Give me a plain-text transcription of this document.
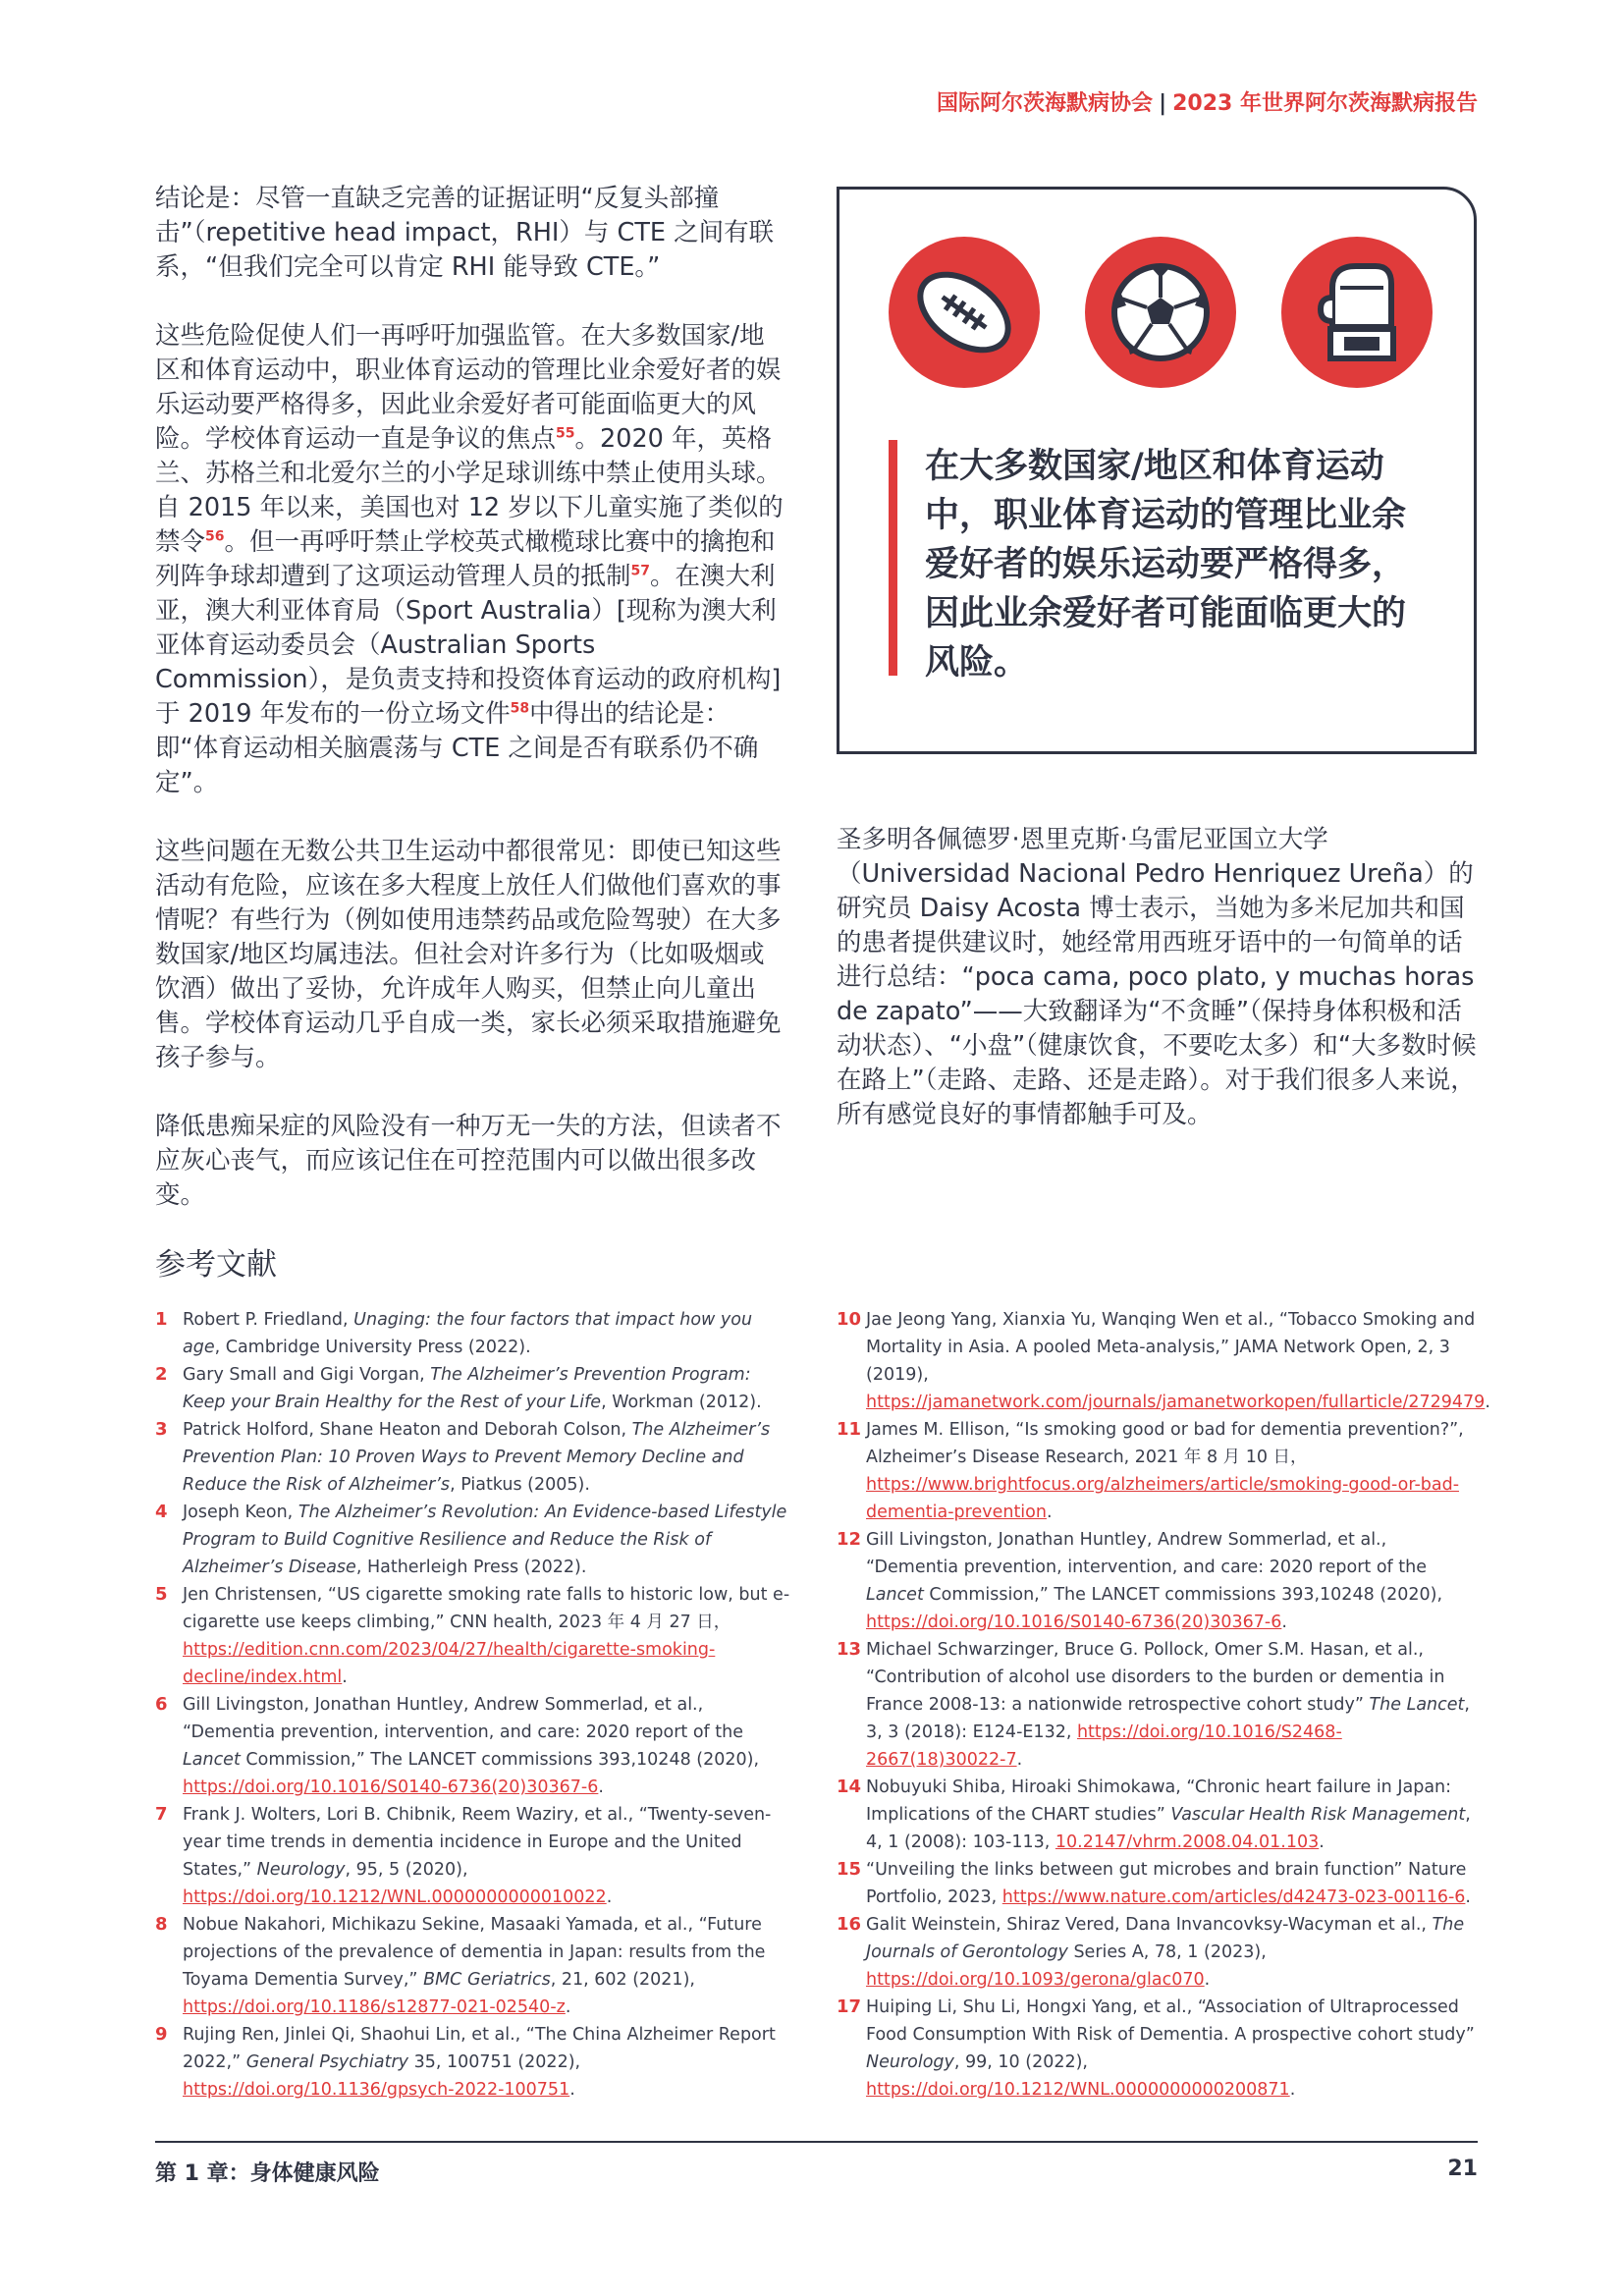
国际阿尔茨海默病协会 | 2023 年世界阿尔茨海默病报告

结论是：尽管一直缺乏完善的证据证明“反复头部撞击”（repetitive head impact，RHI）与 CTE 之间有联系，“但我们完全可以肯定 RHI 能导致 CTE。”

这些危险促使人们一再呼吁加强监管。在大多数国家/地区和体育运动中，职业体育运动的管理比业余爱好者的娱乐运动要严格得多，因此业余爱好者可能面临更大的风险。学校体育运动一直是争议的焦点$^{55}$。2020 年，英格兰、苏格兰和北爱尔兰的小学足球训练中禁止使用头球。自 2015 年以来，美国也对 12 岁以下儿童实施了类似的禁令$^{56}$。但一再呼吁禁止学校英式橄榄球比赛中的擒抱和列阵争球却遭到了这项运动管理人员的抵制$^{57}$。在澳大利亚，澳大利亚体育局（Sport Australia）[现称为澳大利亚体育运动委员会（Australian Sports Commission），是负责支持和投资体育运动的政府机构]于 2019 年发布的一份立场文件$^{58}$中得出的结论是：即“体育运动相关脑震荡与 CTE 之间是否有联系仍不确定”。

这些问题在无数公共卫生运动中都很常见：即使已知这些活动有危险，应该在多大程度上放任人们做他们喜欢的事情呢？有些行为（例如使用违禁药品或危险驾驶）在大多数国家/地区均属违法。但社会对许多行为（比如吸烟或饮酒）做出了妥协，允许成年人购买，但禁止向儿童出售。学校体育运动几乎自成一类，家长必须采取措施避免孩子参与。

降低患痴呆症的风险没有一种万无一失的方法，但读者不应灰心丧气，而应该记住在可控范围内可以做出很多改变。

在大多数国家/地区和体育运动中，职业体育运动的管理比业余爱好者的娱乐运动要严格得多，因此业余爱好者可能面临更大的风险。

圣多明各佩德罗·恩里克斯·乌雷尼亚国立大学（Universidad Nacional Pedro Henriquez Ureña）的研究员 Daisy Acosta 博士表示，当她为多米尼加共和国的患者提供建议时，她经常用西班牙语中的一句简单的话进行总结：“poca cama, poco plato, y muchas horas de zapato”——大致翻译为“不贪睡”（保持身体积极和活动状态）、“小盘”（健康饮食，不要吃太多）和“大多数时候在路上”（走路、走路、还是走路）。对于我们很多人来说，所有感觉良好的事情都触手可及。

参考文献
1 Robert P. Friedland, Unaging: the four factors that impact how you age, Cambridge University Press (2022).
2 Gary Small and Gigi Vorgan, The Alzheimer’s Prevention Program: Keep your Brain Healthy for the Rest of your Life, Workman (2012).
3 Patrick Holford, Shane Heaton and Deborah Colson, The Alzheimer’s Prevention Plan: 10 Proven Ways to Prevent Memory Decline and Reduce the Risk of Alzheimer’s, Piatkus (2005).
4 Joseph Keon, The Alzheimer’s Revolution: An Evidence-based Lifestyle Program to Build Cognitive Resilience and Reduce the Risk of Alzheimer’s Disease, Hatherleigh Press (2022).
5 Jen Christensen, “US cigarette smoking rate falls to historic low, but e-cigarette use keeps climbing,” CNN health, 2023 年 4 月 27 日，https://edition.cnn.com/2023/04/27/health/cigarette-smoking-decline/index.html.
6 Gill Livingston, Jonathan Huntley, Andrew Sommerlad, et al., “Dementia prevention, intervention, and care: 2020 report of the Lancet Commission,” The LANCET commissions 393,10248 (2020), https://doi.org/10.1016/S0140-6736(20)30367-6.
7 Frank J. Wolters, Lori B. Chibnik, Reem Waziry, et al., “Twenty-seven-year time trends in dementia incidence in Europe and the United States,” Neurology, 95, 5 (2020), https://doi.org/10.1212/WNL.0000000000010022.
8 Nobue Nakahori, Michikazu Sekine, Masaaki Yamada, et al., “Future projections of the prevalence of dementia in Japan: results from the Toyama Dementia Survey,” BMC Geriatrics, 21, 602 (2021), https://doi.org/10.1186/s12877-021-02540-z.
9 Rujing Ren, Jinlei Qi, Shaohui Lin, et al., “The China Alzheimer Report 2022,” General Psychiatry 35, 100751 (2022), https://doi.org/10.1136/gpsych-2022-100751.
10 Jae Jeong Yang, Xianxia Yu, Wanqing Wen et al., “Tobacco Smoking and Mortality in Asia. A pooled Meta-analysis,” JAMA Network Open, 2, 3 (2019), https://jamanetwork.com/journals/jamanetworkopen/fullarticle/2729479.
11 James M. Ellison, “Is smoking good or bad for dementia prevention?”, Alzheimer’s Disease Research, 2021 年 8 月 10 日，https://www.brightfocus.org/alzheimers/article/smoking-good-or-bad-dementia-prevention.
12 Gill Livingston, Jonathan Huntley, Andrew Sommerlad, et al., “Dementia prevention, intervention, and care: 2020 report of the Lancet Commission,” The LANCET commissions 393,10248 (2020), https://doi.org/10.1016/S0140-6736(20)30367-6.
13 Michael Schwarzinger, Bruce G. Pollock, Omer S.M. Hasan, et al., “Contribution of alcohol use disorders to the burden or dementia in France 2008-13: a nationwide retrospective cohort study” The Lancet, 3, 3 (2018): E124-E132, https://doi.org/10.1016/S2468-2667(18)30022-7.
14 Nobuyuki Shiba, Hiroaki Shimokawa, “Chronic heart failure in Japan: Implications of the CHART studies” Vascular Health Risk Management, 4, 1 (2008): 103-113, 10.2147/vhrm.2008.04.01.103.
15 “Unveiling the links between gut microbes and brain function” Nature Portfolio, 2023, https://www.nature.com/articles/d42473-023-00116-6.
16 Galit Weinstein, Shiraz Vered, Dana Invancovksy-Wacyman et al., The Journals of Gerontology Series A, 78, 1 (2023), https://doi.org/10.1093/gerona/glac070.
17 Huiping Li, Shu Li, Hongxi Yang, et al., “Association of Ultraprocessed Food Consumption With Risk of Dementia. A prospective cohort study” Neurology, 99, 10 (2022), https://doi.org/10.1212/WNL.0000000000200871.
第 1 章：身体健康风险	21
